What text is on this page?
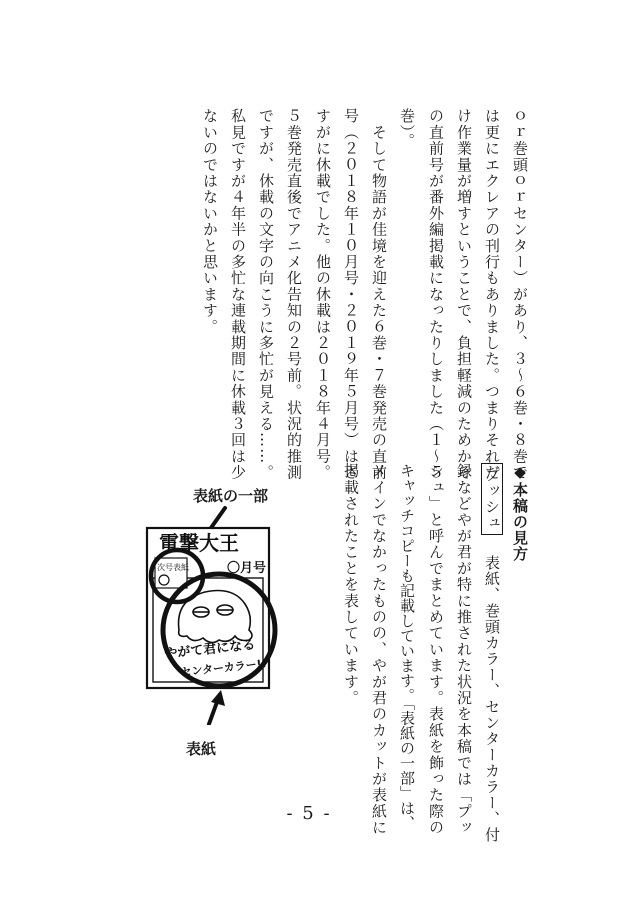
ｏｒ巻頭ｏｒセンター）があり、３〜６巻・８巻で
は更にエクレアの刊行もありました。つまりそれだ
け作業量が増すということで、負担軽減のためかそ
の直前号が番外編掲載になったりしました（１〜５
巻）。
　そして物語が佳境を迎えた６巻・７巻発売の直前
号（２０１８年１０月号・２０１９年５月号）はさ
すがに休載でした。他の休載は２０１８年４月号。
５巻発売直後でアニメ化告知の２号前。状況的推測
ですが、休載の文字の向こうに多忙が見える……。
私見ですが４年半の多忙な連載期間に休載３回は少
ないのではないかと思います。
◆本稿の見方
プッシュ　表紙、巻頭カラー、センターカラー、付
録などやが君が特に推された状況を本稿では「プッ
シュ」と呼んでまとめています。表紙を飾った際の
キャッチコピーも記載しています。「表紙の一部」は、
メインでなかったものの、やが君のカットが表紙に
掲載されたことを表しています。
表紙の一部
表紙
電撃大王
〇月号
次号表紙
やがて君になる
センターカラー!!
- 5 -
